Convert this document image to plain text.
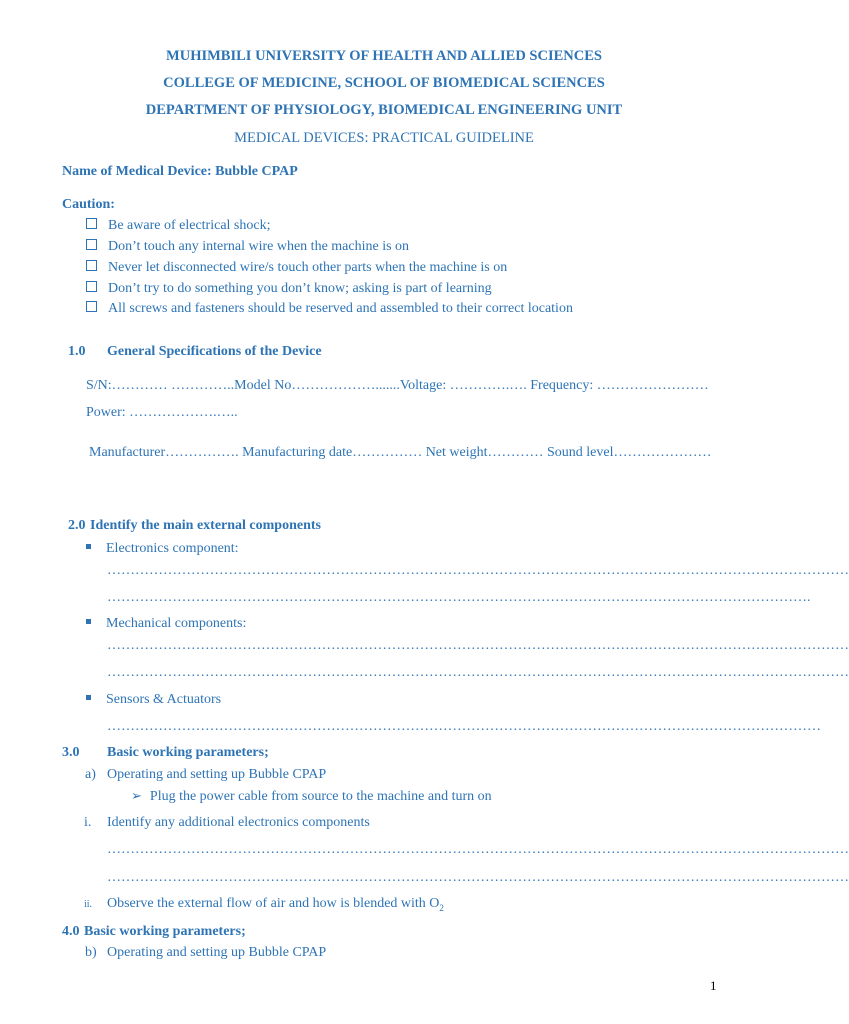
MUHIMBILI UNIVERSITY OF HEALTH AND ALLIED SCIENCES
COLLEGE OF MEDICINE, SCHOOL OF BIOMEDICAL SCIENCES
DEPARTMENT OF PHYSIOLOGY, BIOMEDICAL ENGINEERING UNIT
MEDICAL DEVICES: PRACTICAL GUIDELINE
Name of Medical Device: Bubble CPAP
Caution:
Be aware of electrical shock;
Don’t touch any internal wire when the machine is on
Never let disconnected wire/s touch other parts when the machine is on
Don’t try to do something you don’t know; asking is part of learning
All screws and fasteners should be reserved and assembled to their correct location
1.0 General Specifications of the Device
S/N:………… …………..Model No……………….......Voltage: ………….…. Frequency: ……………………
Power: ……………….…..
Manufacturer……………. Manufacturing date…………… Net weight………… Sound level…………………
2.0 Identify the main external components
Electronics component:
……………………………………………………………………………………………………………………………………………
…………………………………………………………………………………………………………………………………….
Mechanical components:
……………………………………………………………………………………………………………………………………………
……………………………………………………………………………………………………………………………………………
Sensors & Actuators
………………………………………………………………………………………………………………………………………
3.0 Basic working parameters;
a) Operating and setting up Bubble CPAP
➢ Plug the power cable from source to the machine and turn on
i. Identify any additional electronics components
……………………………………………………………………………………………………………………………………………
……………………………………………………………………………………………………………………………………………
ii. Observe the external flow of air and how is blended with $O_2$
4.0 Basic working parameters;
b) Operating and setting up Bubble CPAP
1
